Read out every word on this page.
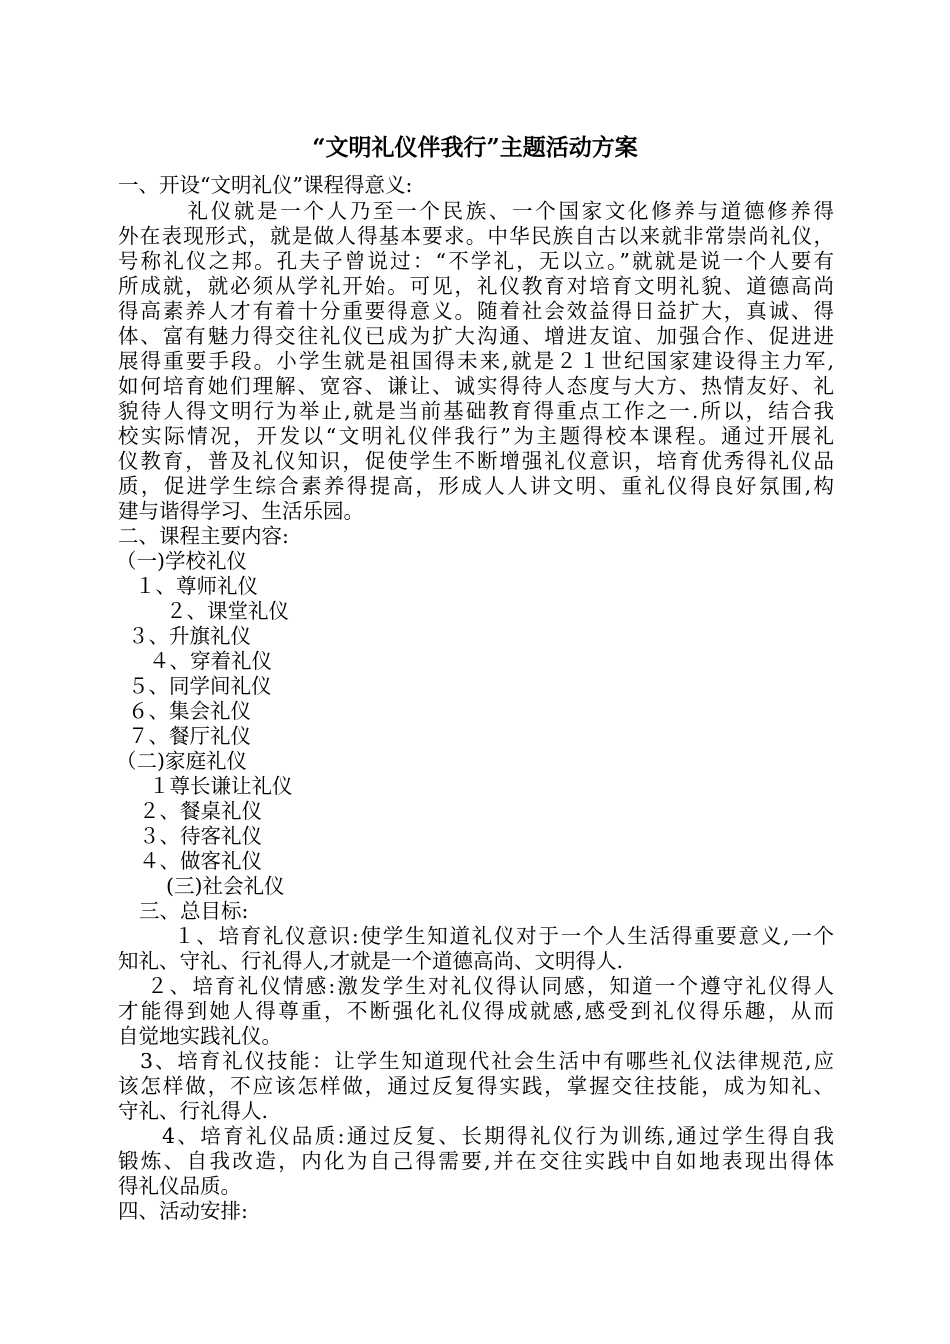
“文明礼仪伴我行”主题活动方案
一、开设“文明礼仪”课程得意义:
　　　礼仪就是一个人乃至一个民族、一个国家文化修养与道德修养得
外在表现形式，就是做人得基本要求。中华民族自古以来就非常崇尚礼仪，
号称礼仪之邦。孔夫子曾说过：“不学礼，无以立。”就就是说一个人要有
所成就，就必须从学礼开始。可见，礼仪教育对培育文明礼貌、道德高尚
得高素养人才有着十分重要得意义。随着社会效益得日益扩大，真诚、得
体、富有魅力得交往礼仪已成为扩大沟通、增进友谊、加强合作、促进进
展得重要手段。小学生就是祖国得未来,就是２１世纪国家建设得主力军,
如何培育她们理解、宽容、谦让、诚实得待人态度与大方、热情友好、礼
貌待人得文明行为举止,就是当前基础教育得重点工作之一.所以，结合我
校实际情况，开发以“文明礼仪伴我行”为主题得校本课程。通过开展礼
仪教育，普及礼仪知识，促使学生不断增强礼仪意识，培育优秀得礼仪品
质，促进学生综合素养得提高，形成人人讲文明、重礼仪得良好氛围,构
建与谐得学习、生活乐园。
二、课程主要内容:
（一)学校礼仪
１、尊师礼仪
２、课堂礼仪
３、升旗礼仪
４、穿着礼仪
５、同学间礼仪
６、集会礼仪
７、餐厅礼仪
（二)家庭礼仪
１尊长谦让礼仪
２、餐桌礼仪
３、待客礼仪
４、做客礼仪
(三)社会礼仪
三、总目标:
１、培育礼仪意识:使学生知道礼仪对于一个人生活得重要意义,一个
知礼、守礼、行礼得人,才就是一个道德高尚、文明得人.
２、培育礼仪情感:激发学生对礼仪得认同感，知道一个遵守礼仪得人
才能得到她人得尊重，不断强化礼仪得成就感,感受到礼仪得乐趣，从而
自觉地实践礼仪。
3、培育礼仪技能：让学生知道现代社会生活中有哪些礼仪法律规范,应
该怎样做，不应该怎样做，通过反复得实践，掌握交往技能，成为知礼、
守礼、行礼得人.
4、培育礼仪品质:通过反复、长期得礼仪行为训练,通过学生得自我
锻炼、自我改造，内化为自己得需要,并在交往实践中自如地表现出得体
得礼仪品质。
四、活动安排:
